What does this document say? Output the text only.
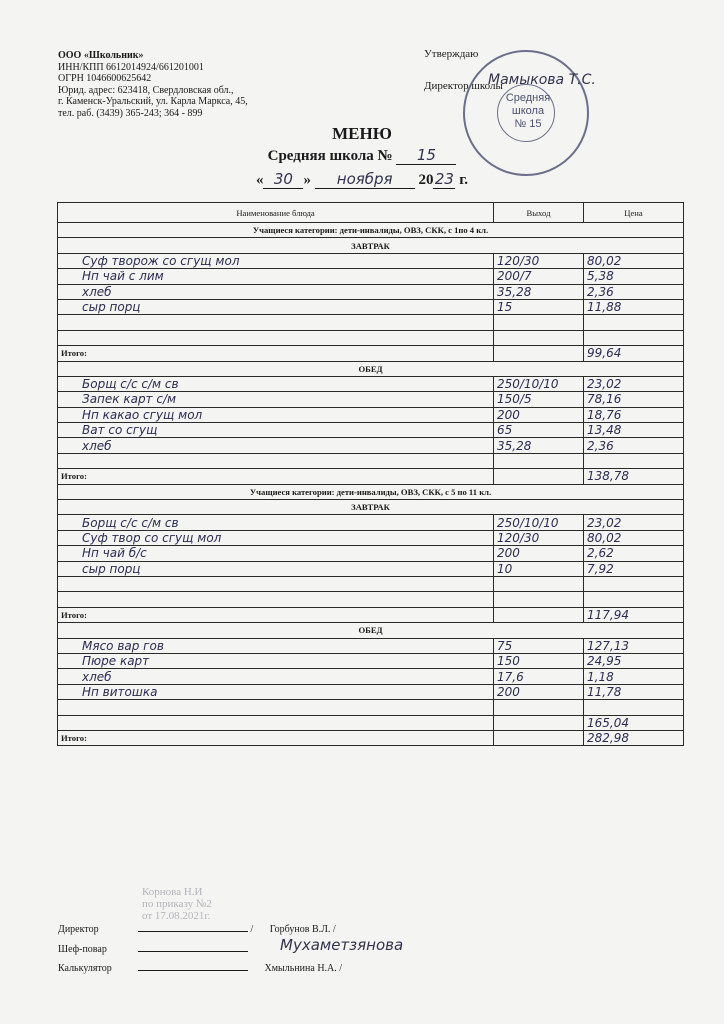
ООО «Школьник»
ИНН/КПП 6612014924/661201001
ОГРН 1046600625642
Юрид. адрес: 623418, Свердловская обл.,
г. Каменск-Уральский, ул. Карла Маркса, 45,
тел. раб. (3439) 365-243; 364 - 899
Утверждаю
Директор школы
Средняя
школа
№ 15
Мамыкова Т.С.
МЕНЮ
Средняя школа № 15
« 30 » ноября 2023 г.
Наименование блюда	Выход	Цена
Учащиеся категории: дети-инвалиды, ОВЗ, СКК, с 1по 4 кл.		
ЗАВТРАК		
Суф творож со сгущ мол	120/30	80,02
Нп чай с лим	200/7	5,38
хлеб	35,28	2,36
сыр порц	15	11,88

Итого:		99,64
ОБЕД		
Борщ с/с с/м св	250/10/10	23,02
Запек карт с/м	150/5	78,16
Нп какао сгущ мол	200	18,76
Ват со сгущ	65	13,48
хлеб	35,28	2,36

Итого:		138,78
Учащиеся категории: дети-инвалиды, ОВЗ, СКК, с 5 по 11 кл.		
ЗАВТРАК		
Борщ с/с с/м св	250/10/10	23,02
Суф твор со сгущ мол	120/30	80,02
Нп чай б/с	200	2,62
сыр порц	10	7,92

Итого:		117,94
ОБЕД		
Мясо вар гов	75	127,13
Пюре карт	150	24,95
хлеб	17,6	1,18
Нп витошка	200	11,78

		165,04
Итого:		282,98
Корнова Н.И
по приказу №2
от 17.08.2021г.
Директор	/ Горбунов В.Л. /
Шеф-повар	Мухаметзянова
Калькулятор	Хмыльнина Н.А. /
